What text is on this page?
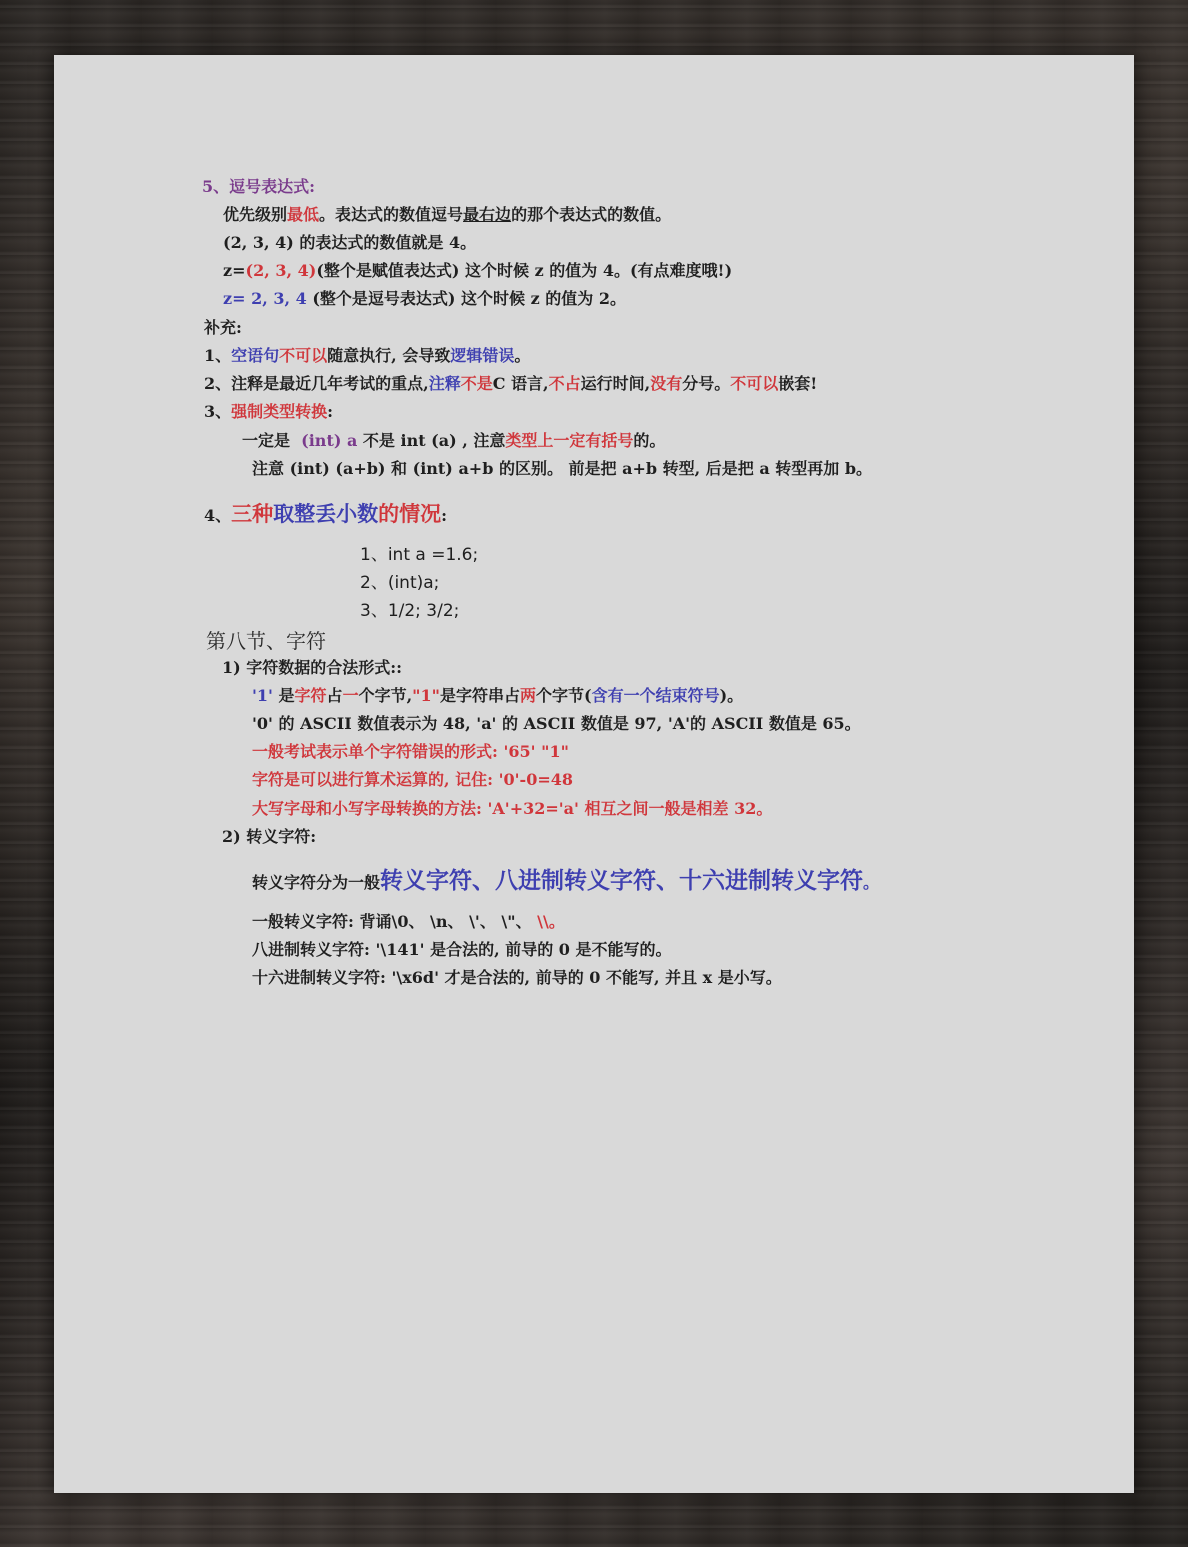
5、逗号表达式:
优先级别最低。表达式的数值逗号最右边的那个表达式的数值。
(2, 3, 4) 的表达式的数值就是 4。
z=(2, 3, 4)(整个是赋值表达式) 这个时候 z 的值为 4。(有点难度哦!)
z= 2, 3, 4 (整个是逗号表达式) 这个时候 z 的值为 2。
补充:
1、空语句不可以随意执行, 会导致逻辑错误。
2、注释是最近几年考试的重点,注释不是C 语言,不占运行时间,没有分号。不可以嵌套!
3、强制类型转换:
一定是 (int) a 不是 int (a) , 注意类型上一定有括号的。
注意 (int) (a+b) 和 (int) a+b 的区别。 前是把 a+b 转型, 后是把 a 转型再加 b。
4、三种取整丢小数的情况:
1、int a =1.6;
2、(int)a;
3、1/2; 3/2;
第八节、字符
1) 字符数据的合法形式::
'1' 是字符占一个字节,"1"是字符串占两个字节(含有一个结束符号)。
'0' 的 ASCII 数值表示为 48, 'a' 的 ASCII 数值是 97, 'A'的 ASCII 数值是 65。
一般考试表示单个字符错误的形式: '65' "1"
字符是可以进行算术运算的, 记住: '0'-0=48
大写字母和小写字母转换的方法: 'A'+32='a' 相互之间一般是相差 32。
2) 转义字符:
转义字符分为一般转义字符、八进制转义字符、十六进制转义字符。
一般转义字符: 背诵\0、 \n、 \'、 \"、 \\。
八进制转义字符: '\141' 是合法的, 前导的 0 是不能写的。
十六进制转义字符: '\x6d' 才是合法的, 前导的 0 不能写, 并且 x 是小写。
